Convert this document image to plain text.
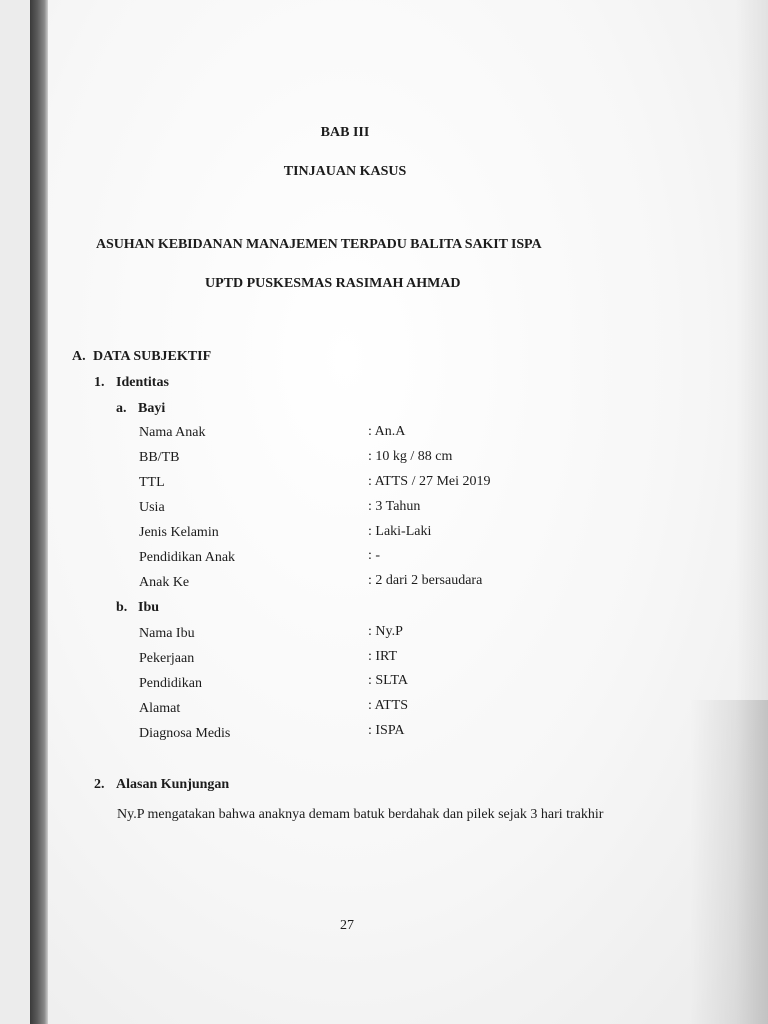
BAB III
TINJAUAN KASUS
ASUHAN KEBIDANAN MANAJEMEN TERPADU BALITA SAKIT ISPA
UPTD PUSKESMAS RASIMAH AHMAD
A. DATA SUBJEKTIF
1. Identitas
a. Bayi
Nama Anak	: An.A
BB/TB	: 10 kg / 88 cm
TTL	: ATTS / 27 Mei 2019
Usia	: 3 Tahun
Jenis Kelamin	: Laki-Laki
Pendidikan Anak	: -
Anak Ke	: 2 dari 2 bersaudara
b. Ibu
Nama Ibu	: Ny.P
Pekerjaan	: IRT
Pendidikan	: SLTA
Alamat	: ATTS
Diagnosa Medis	: ISPA
2. Alasan Kunjungan
Ny.P mengatakan bahwa anaknya demam batuk berdahak dan pilek sejak 3 hari trakhir
27
